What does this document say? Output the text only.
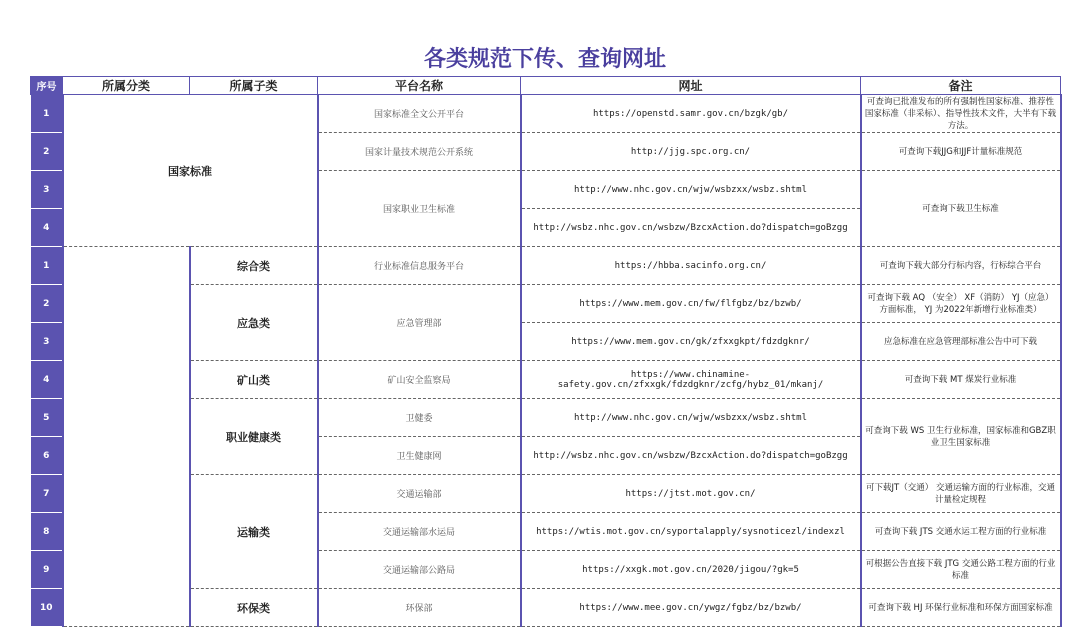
各类规范下传、查询网址
序号	所属分类	所属子类	平台名称	网址	备注
1	国家标准		国家标准全文公开平台	https://openstd.samr.gov.cn/bzgk/gb/	可查询已批准发布的所有强制性国家标准、推荐性国家标准（非采标）、指导性技术文件，大半有下载方法。
2			国家计量技术规范公开系统	http://jjg.spc.org.cn/	可查询下载JJG和JJF计量标准规范
3			国家职业卫生标准	http://www.nhc.gov.cn/wjw/wsbzxx/wsbz.shtml	可查询下载卫生标准
4				http://wsbz.nhc.gov.cn/wsbzw/BzcxAction.do?dispatch=goBzgg	
1		综合类	行业标准信息服务平台	https://hbba.sacinfo.org.cn/	可查询下载大部分行标内容，行标综合平台
2		应急类	应急管理部	https://www.mem.gov.cn/fw/flfgbz/bz/bzwb/	可查询下载 AQ （安全） XF（消防） YJ（应急）方面标准， YJ 为2022年新增行业标准类）
3				https://www.mem.gov.cn/gk/zfxxgkpt/fdzdgknr/	应急标准在应急管理部标准公告中可下载
4		矿山类	矿山安全监察局	https://www.chinamine-safety.gov.cn/zfxxgk/fdzdgknr/zcfg/hybz_01/mkanj/	可查询下载 MT 煤炭行业标准
5		职业健康类	卫健委	http://www.nhc.gov.cn/wjw/wsbzxx/wsbz.shtml	可查询下载 WS 卫生行业标准，国家标准和GBZ职业卫生国家标准
6			卫生健康网	http://wsbz.nhc.gov.cn/wsbzw/BzcxAction.do?dispatch=goBzgg	
7		运输类	交通运输部	https://jtst.mot.gov.cn/	可下载JT（交通） 交通运输方面的行业标准，交通计量检定规程
8			交通运输部水运局	https://wtis.mot.gov.cn/syportalapply/sysnoticezl/indexzl	可查询下载 JTS 交通水运工程方面的行业标准
9			交通运输部公路局	https://xxgk.mot.gov.cn/2020/jigou/?gk=5	可根据公告直接下载 JTG 交通公路工程方面的行业标准
10		环保类	环保部	https://www.mee.gov.cn/ywgz/fgbz/bz/bzwb/	可查询下载 HJ 环保行业标准和环保方面国家标准
